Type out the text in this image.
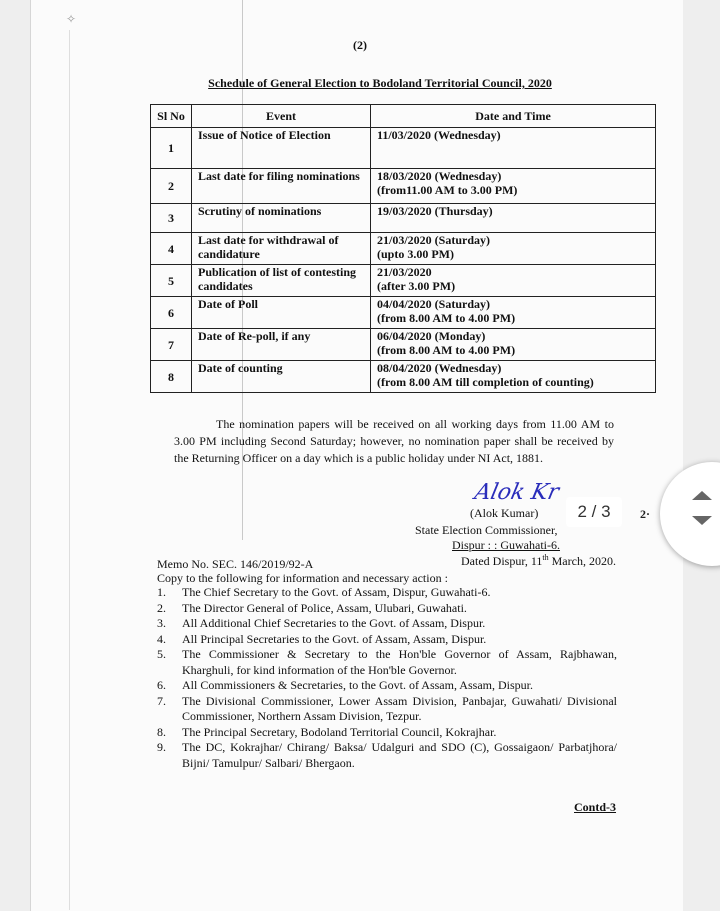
(2)
Schedule of General Election to Bodoland Territorial Council, 2020
Sl No	Event	Date and Time
1	Issue of Notice of Election	11/03/2020 (Wednesday)

2	Last date for filing nominations	18/03/2020 (Wednesday)
(from11.00 AM to 3.00 PM)

3	Scrutiny of nominations	19/03/2020 (Thursday)

4	Last date for withdrawal of candidature	21/03/2020 (Saturday)
(upto 3.00 PM)

5	Publication of list of contesting candidates	21/03/2020
(after 3.00 PM)

6	Date of Poll	04/04/2020 (Saturday)
(from 8.00 AM to 4.00 PM)

7	Date of Re-poll, if any	06/04/2020 (Monday)
(from 8.00 AM to 4.00 PM)

8	Date of counting	08/04/2020 (Wednesday)
(from 8.00 AM till completion of counting)
The nomination papers will be received on all working days from 11.00 AM to 3.00 PM including Second Saturday; however, no nomination paper shall be received by the Returning Officer on a day which is a public holiday under NI Act, 1881.
Alok Kr
(Alok Kumar)
State Election Commissioner,
Dispur : : Guwahati-6.
Dated Dispur, 11th March, 2020.
Memo No. SEC. 146/2019/92-A
Copy to the following for information and necessary action :
1. The Chief Secretary to the Govt. of Assam, Dispur, Guwahati-6.
2. The Director General of Police, Assam, Ulubari, Guwahati.
3. All Additional Chief Secretaries to the Govt. of Assam, Dispur.
4. All Principal Secretaries to the Govt. of Assam, Assam, Dispur.
5. The Commissioner & Secretary to the Hon'ble Governor of Assam, Rajbhawan, Kharghuli, for kind information of the Hon'ble Governor.
6. All Commissioners & Secretaries, to the Govt. of Assam, Assam, Dispur.
7. The Divisional Commissioner, Lower Assam Division, Panbajar, Guwahati/ Divisional Commissioner, Northern Assam Division, Tezpur.
8. The Principal Secretary, Bodoland Territorial Council, Kokrajhar.
9. The DC, Kokrajhar/ Chirang/ Baksa/ Udalguri and SDO (C), Gossaigaon/ Parbatjhora/ Bijni/ Tamulpur/ Salbari/ Bhergaon.
Contd-3
✧
2·
2 / 3
